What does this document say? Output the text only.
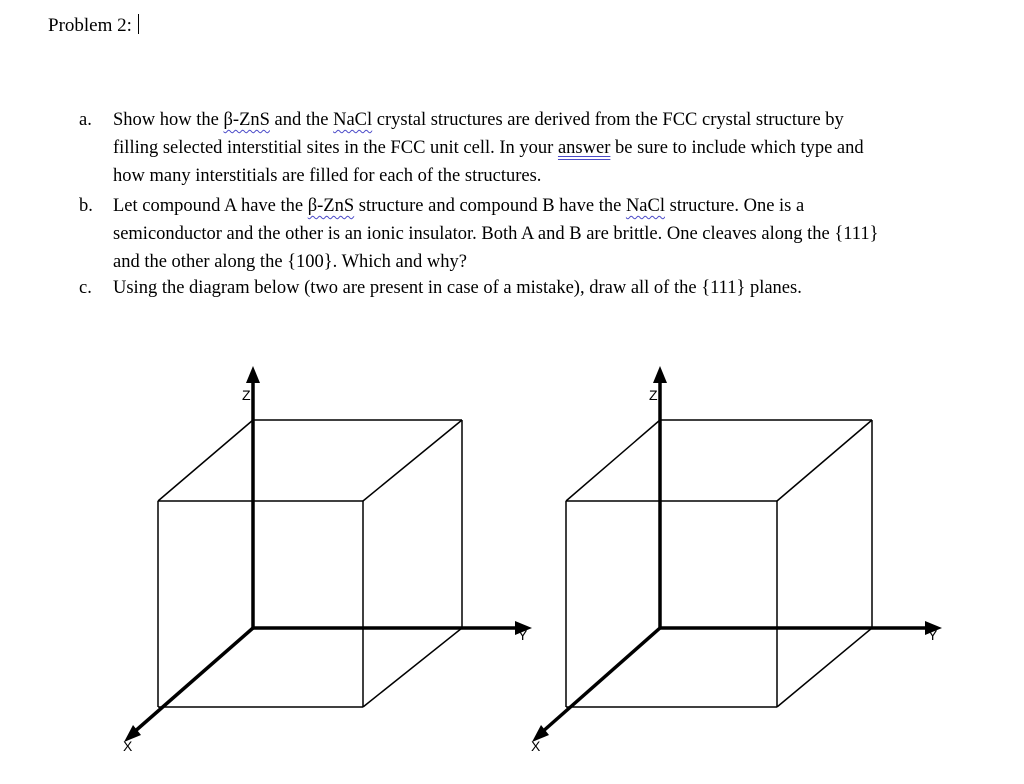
Problem 2:
a. Show how the β-ZnS and the NaCl crystal structures are derived from the FCC crystal structure by
filling selected interstitial sites in the FCC unit cell. In your answer be sure to include which type and
how many interstitials are filled for each of the structures.
b. Let compound A have the β-ZnS structure and compound B have the NaCl structure. One is a
semiconductor and the other is an ionic insulator. Both A and B are brittle. One cleaves along the {111}
and the other along the {100}. Which and why?
c. Using the diagram below (two are present in case of a mistake), draw all of the {111} planes.
Z
Y
X
Z
Y
X
